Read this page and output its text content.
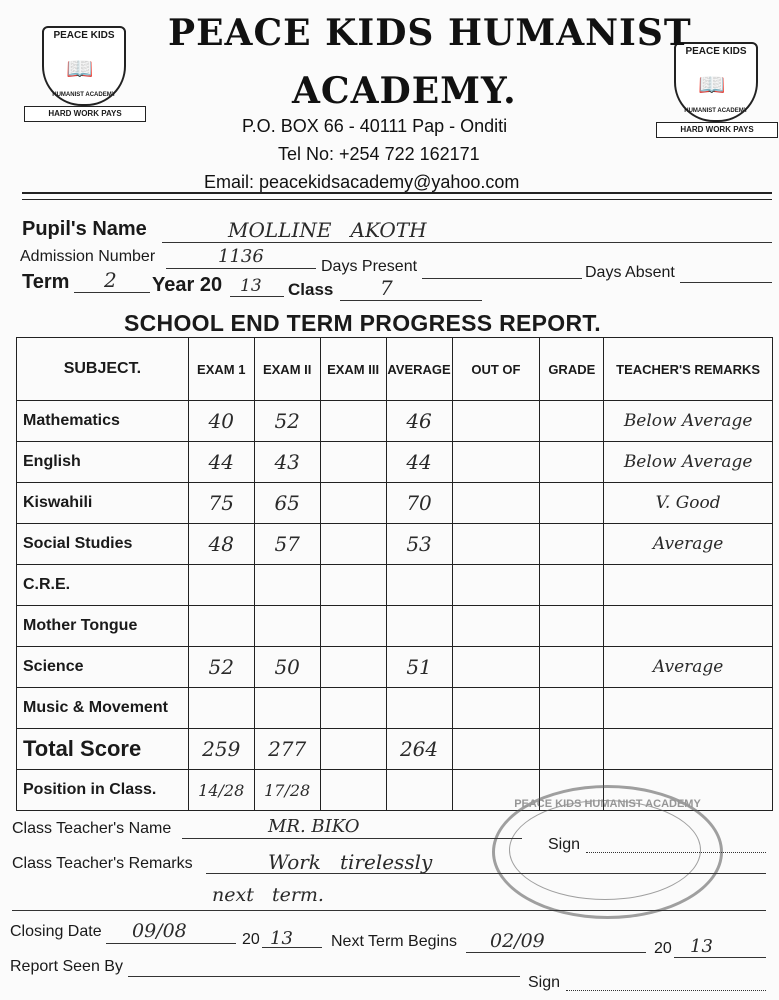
PEACE KIDS
📖
HUMANIST ACADEMY
HARD WORK PAYS
PEACE KIDS
📖
HUMANIST ACADEMY
HARD WORK PAYS
PEACE KIDS HUMANIST
ACADEMY.
P.O. BOX 66 - 40111 Pap - Onditi
Tel No: +254 722 162171
Email: peacekidsacademy@yahoo.com
Pupil's Name	MOLLINE   AKOTH
Admission Number	1136	Days Present	Days Absent
Term 2 Year 20 13 Class 7
SCHOOL END TERM PROGRESS REPORT.
SUBJECT.	EXAM 1	EXAM II	EXAM III	AVERAGE	OUT OF	GRADE	TEACHER'S REMARKS
Mathematics	40	52		46			Below Average
English	44	43		44			Below Average
Kiswahili	75	65		70			V. Good
Social Studies	48	57		53			Average
C.R.E.							
Mother Tongue							
Science	52	50		51			Average
Music & Movement							
Total Score	259	277		264			
Position in Class.	14/28	17/28					
PEACE KIDS HUMANIST ACADEMY
Class Teacher's Name	MR. BIKO
Sign
Class Teacher's Remarks	Work   tirelessly
next   term.
Closing Date 09/08	20 13 Next Term Begins 02/09	20 13
Report Seen By
Sign
